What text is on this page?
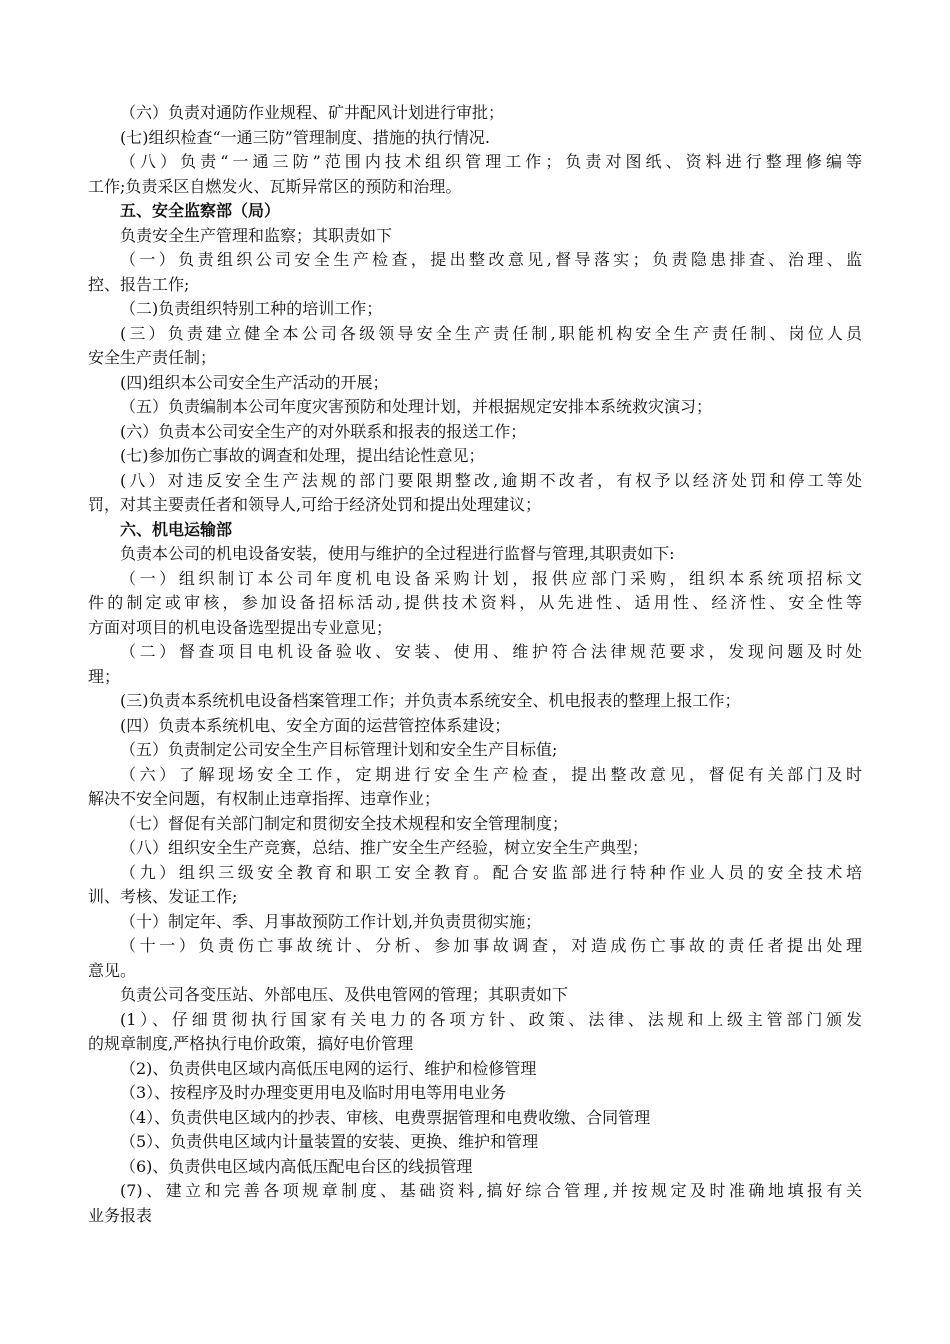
（六）负责对通防作业规程、矿井配风计划进行审批；
(七)组织检查“一通三防”管理制度、措施的执行情况.
（八）负责“一通三防”范围内技术组织管理工作；负责对图纸、资料进行整理修编等
工作;负责采区自燃发火、瓦斯异常区的预防和治理。
五、安全监察部（局）
负责安全生产管理和监察；其职责如下
（一）负责组织公司安全生产检查，提出整改意见,督导落实；负责隐患排查、治理、监
控、报告工作;
（二)负责组织特别工种的培训工作；
(三）负责建立健全本公司各级领导安全生产责任制,职能机构安全生产责任制、岗位人员
安全生产责任制；
(四)组织本公司安全生产活动的开展；
（五）负责编制本公司年度灾害预防和处理计划，并根据规定安排本系统救灾演习；
(六）负责本公司安全生产的对外联系和报表的报送工作；
(七)参加伤亡事故的调查和处理，提出结论性意见；
(八）对违反安全生产法规的部门要限期整改,逾期不改者，有权予以经济处罚和停工等处
罚，对其主要责任者和领导人,可给于经济处罚和提出处理建议；
六、机电运输部
负责本公司的机电设备安装，使用与维护的全过程进行监督与管理,其职责如下:
（一）组织制订本公司年度机电设备采购计划，报供应部门采购，组织本系统项招标文
件的制定或审核，参加设备招标活动,提供技术资料，从先进性、适用性、经济性、安全性等
方面对项目的机电设备选型提出专业意见；
（二）督查项目电机设备验收、安装、使用、维护符合法律规范要求，发现问题及时处
理；
(三)负责本系统机电设备档案管理工作；并负责本系统安全、机电报表的整理上报工作；
(四）负责本系统机电、安全方面的运营管控体系建设；
（五）负责制定公司安全生产目标管理计划和安全生产目标值;
（六）了解现场安全工作，定期进行安全生产检查，提出整改意见，督促有关部门及时
解决不安全问题，有权制止违章指挥、违章作业；
（七）督促有关部门制定和贯彻安全技术规程和安全管理制度；
（八）组织安全生产竞赛，总结、推广安全生产经验，树立安全生产典型；
（九）组织三级安全教育和职工安全教育。配合安监部进行特种作业人员的安全技术培
训、考核、发证工作;
（十）制定年、季、月事故预防工作计划,并负责贯彻实施；
（十一）负责伤亡事故统计、分析、参加事故调查，对造成伤亡事故的责任者提出处理
意见。
负责公司各变压站、外部电压、及供电管网的管理；其职责如下
(1）、仔细贯彻执行国家有关电力的各项方针、政策、法律、法规和上级主管部门颁发
的规章制度,严格执行电价政策，搞好电价管理
（2)、负责供电区域内高低压电网的运行、维护和检修管理
（3）、按程序及时办理变更用电及临时用电等用电业务
（4）、负责供电区域内的抄表、审核、电费票据管理和电费收缴、合同管理
（5）、负责供电区域内计量装置的安装、更换、维护和管理
（6)、负责供电区域内高低压配电台区的线损管理
(7)、建立和完善各项规章制度、基础资料,搞好综合管理,并按规定及时准确地填报有关
业务报表
